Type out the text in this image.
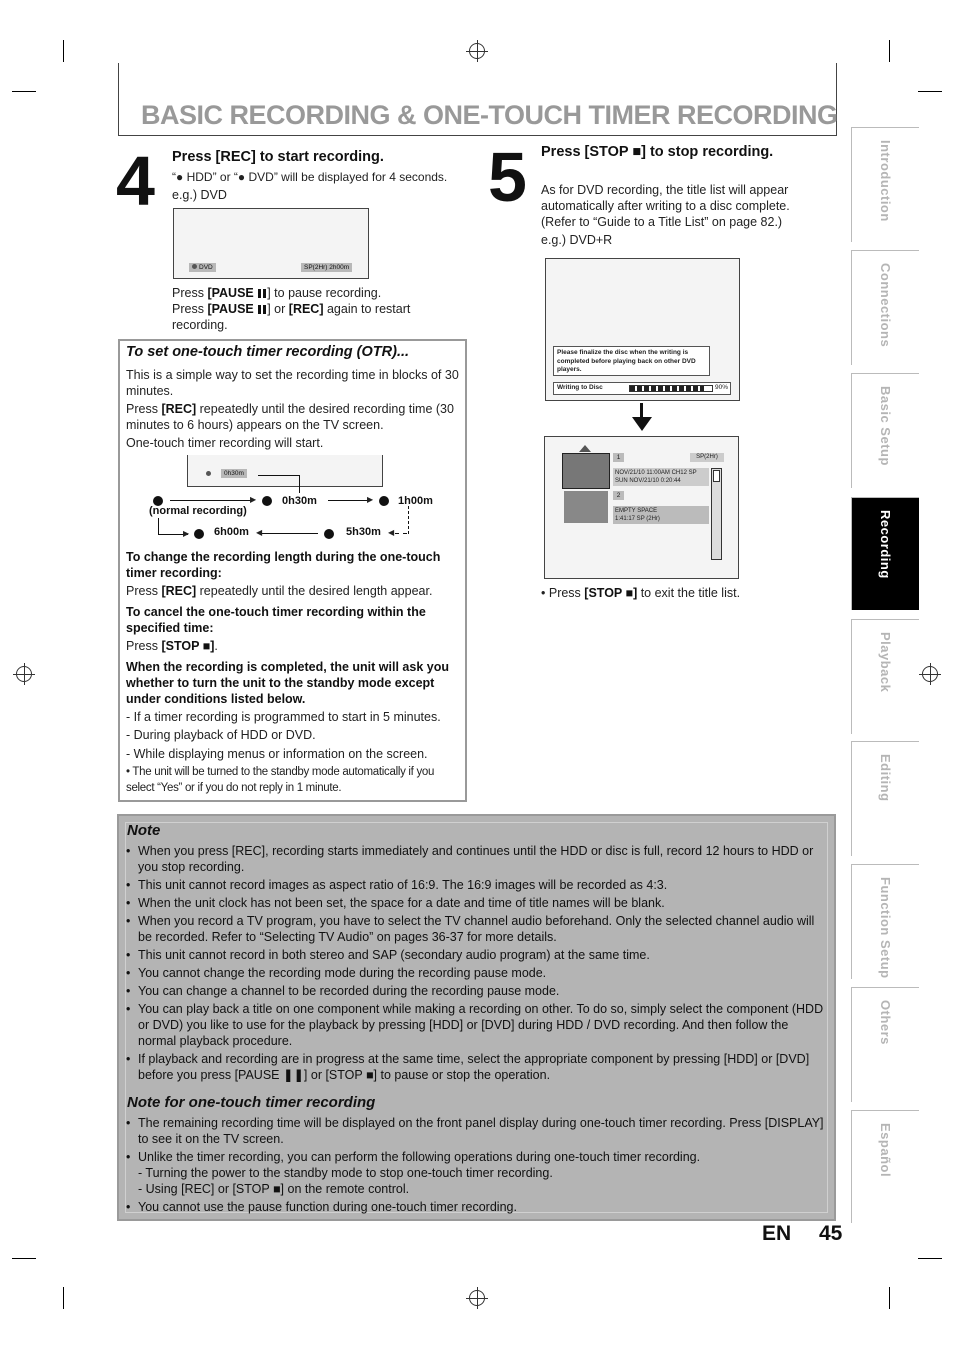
BASIC RECORDING & ONE-TOUCH TIMER RECORDING
Introduction
Connections
Basic Setup
Recording
Playback
Editing
Function Setup
Others
Español
4 Press [REC] to start recording.
“● HDD” or “● DVD” will be displayed for 4 seconds.
e.g.) DVD
DVD	SP(2Hr) 2h00m
Press [PAUSE ] to pause recording.
Press [PAUSE ] or [REC] again to restart
recording.
To set one-touch timer recording (OTR)...
This is a simple way to set the recording time in blocks of 30 minutes.
Press [REC] repeatedly until the desired recording time (30 minutes to 6 hours) appears on the TV screen.
One-touch timer recording will start.
0h30m
▶ 0h30m	▶ 1h00m
(normal recording)
▶ 6h00m ◀	5h30m ◀
To change the recording length during the one-touch timer recording:
Press [REC] repeatedly until the desired length appear.
To cancel the one-touch timer recording within the specified time:
Press [STOP ■].
When the recording is completed, the unit will ask you whether to turn the unit to the standby mode except under conditions listed below.
- If a timer recording is programmed to start in 5 minutes.
- During playback of HDD or DVD.
- While displaying menus or information on the screen.
• The unit will be turned to the standby mode automatically if you select “Yes” or if you do not reply in 1 minute.
5 Press [STOP ■] to stop recording.
As for DVD recording, the title list will appear
automatically after writing to a disc complete.
(Refer to “Guide to a Title List” on page 82.)
e.g.) DVD+R
Please finalize the disc when the writing is completed before playing back on other DVD players.
Writing to Disc	90%
1	SP(2Hr)
NOV/21/10 11:00AM CH12 SP
SUN NOV/21/10 0:20:44
2
EMPTY SPACE
1:41:17 SP (2Hr)
• Press [STOP ■] to exit the title list.
Note
• When you press [REC], recording starts immediately and continues until the HDD or disc is full, record 12 hours to HDD or you stop recording.
• This unit cannot record images as aspect ratio of 16:9. The 16:9 images will be recorded as 4:3.
• When the unit clock has not been set, the space for a date and time of title names will be blank.
• When you record a TV program, you have to select the TV channel audio beforehand. Only the selected channel audio will be recorded. Refer to “Selecting TV Audio” on pages 36-37 for more details.
• This unit cannot record in both stereo and SAP (secondary audio program) at the same time.
• You cannot change the recording mode during the recording pause mode.
• You can change a channel to be recorded during the recording pause mode.
• You can play back a title on one component while making a recording on other. To do so, simply select the component (HDD or DVD) you like to use for the playback by pressing [HDD] or [DVD] during HDD / DVD recording. And then follow the normal playback procedure.
• If playback and recording are in progress at the same time, select the appropriate component by pressing [HDD] or [DVD] before you press [PAUSE ❚❚] or [STOP ■] to pause or stop the operation.
Note for one-touch timer recording
• The remaining recording time will be displayed on the front panel display during one-touch timer recording. Press [DISPLAY] to see it on the TV screen.
• Unlike the timer recording, you can perform the following operations during one-touch timer recording.
- Turning the power to the standby mode to stop one-touch timer recording.
- Using [REC] or [STOP ■] on the remote control.
• You cannot use the pause function during one-touch timer recording.
EN 45
